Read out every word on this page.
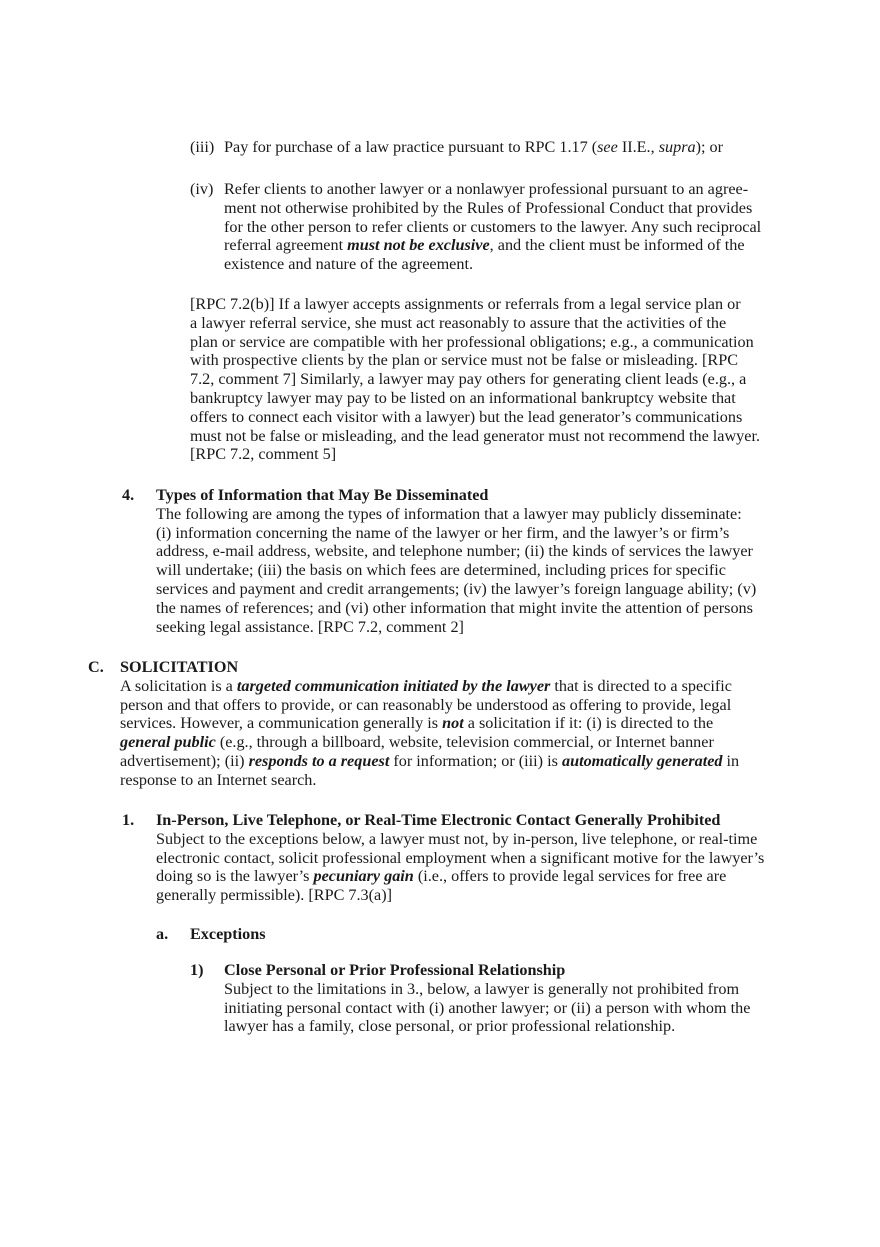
(iii) Pay for purchase of a law practice pursuant to RPC 1.17 (see II.E., supra); or
(iv) Refer clients to another lawyer or a nonlawyer professional pursuant to an agree-
ment not otherwise prohibited by the Rules of Professional Conduct that provides
for the other person to refer clients or customers to the lawyer. Any such reciprocal
referral agreement must not be exclusive, and the client must be informed of the
existence and nature of the agreement.
[RPC 7.2(b)] If a lawyer accepts assignments or referrals from a legal service plan or
a lawyer referral service, she must act reasonably to assure that the activities of the
plan or service are compatible with her professional obligations; e.g., a communication
with prospective clients by the plan or service must not be false or misleading. [RPC
7.2, comment 7] Similarly, a lawyer may pay others for generating client leads (e.g., a
bankruptcy lawyer may pay to be listed on an informational bankruptcy website that
offers to connect each visitor with a lawyer) but the lead generator’s communications
must not be false or misleading, and the lead generator must not recommend the lawyer.
[RPC 7.2, comment 5]
4. Types of Information that May Be Disseminated
The following are among the types of information that a lawyer may publicly disseminate:
(i) information concerning the name of the lawyer or her firm, and the lawyer’s or firm’s
address, e-mail address, website, and telephone number; (ii) the kinds of services the lawyer
will undertake; (iii) the basis on which fees are determined, including prices for specific
services and payment and credit arrangements; (iv) the lawyer’s foreign language ability; (v)
the names of references; and (vi) other information that might invite the attention of persons
seeking legal assistance. [RPC 7.2, comment 2]
C. SOLICITATION
A solicitation is a targeted communication initiated by the lawyer that is directed to a specific
person and that offers to provide, or can reasonably be understood as offering to provide, legal
services. However, a communication generally is not a solicitation if it: (i) is directed to the
general public (e.g., through a billboard, website, television commercial, or Internet banner
advertisement); (ii) responds to a request for information; or (iii) is automatically generated in
response to an Internet search.
1. In-Person, Live Telephone, or Real-Time Electronic Contact Generally Prohibited
Subject to the exceptions below, a lawyer must not, by in-person, live telephone, or real-time
electronic contact, solicit professional employment when a significant motive for the lawyer’s
doing so is the lawyer’s pecuniary gain (i.e., offers to provide legal services for free are
generally permissible). [RPC 7.3(a)]
a. Exceptions
1) Close Personal or Prior Professional Relationship
Subject to the limitations in 3., below, a lawyer is generally not prohibited from
initiating personal contact with (i) another lawyer; or (ii) a person with whom the
lawyer has a family, close personal, or prior professional relationship.
